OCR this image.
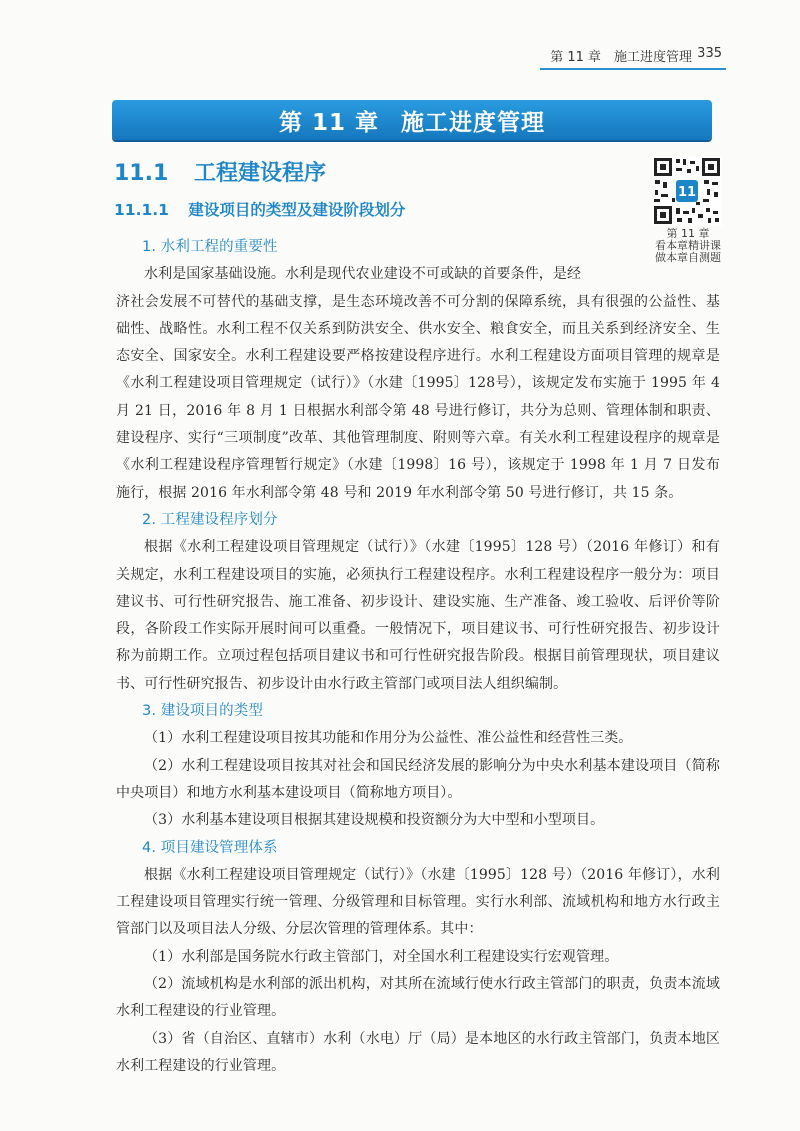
第 11 章　施工进度管理 335
第 11 章 施工进度管理
11.1 工程建设程序
11.1.1 建设项目的类型及建设阶段划分
11
第 11 章
看本章精讲课
做本章自测题
1. 水利工程的重要性
水利是国家基础设施。水利是现代农业建设不可或缺的首要条件，是经
济社会发展不可替代的基础支撑，是生态环境改善不可分割的保障系统，具有很强的公益性、基础性、战略性。水利工程不仅关系到防洪安全、供水安全、粮食安全，而且关系到经济安全、生态安全、国家安全。水利工程建设要严格按建设程序进行。水利工程建设方面项目管理的规章是《水利工程建设项目管理规定（试行）》（水建〔1995〕128号），该规定发布实施于 1995 年 4 月 21 日，2016 年 8 月 1 日根据水利部令第 48 号进行修订，共分为总则、管理体制和职责、建设程序、实行“三项制度”改革、其他管理制度、附则等六章。有关水利工程建设程序的规章是《水利工程建设程序管理暂行规定》（水建〔1998〕16 号），该规定于 1998 年 1 月 7 日发布施行，根据 2016 年水利部令第 48 号和 2019 年水利部令第 50 号进行修订，共 15 条。
2. 工程建设程序划分
根据《水利工程建设项目管理规定（试行）》（水建〔1995〕128 号）（2016 年修订）和有关规定，水利工程建设项目的实施，必须执行工程建设程序。水利工程建设程序一般分为：项目建议书、可行性研究报告、施工准备、初步设计、建设实施、生产准备、竣工验收、后评价等阶段，各阶段工作实际开展时间可以重叠。一般情况下，项目建议书、可行性研究报告、初步设计称为前期工作。立项过程包括项目建议书和可行性研究报告阶段。根据目前管理现状，项目建议书、可行性研究报告、初步设计由水行政主管部门或项目法人组织编制。
3. 建设项目的类型
（1）水利工程建设项目按其功能和作用分为公益性、准公益性和经营性三类。
（2）水利工程建设项目按其对社会和国民经济发展的影响分为中央水利基本建设项目（简称中央项目）和地方水利基本建设项目（简称地方项目）。
（3）水利基本建设项目根据其建设规模和投资额分为大中型和小型项目。
4. 项目建设管理体系
根据《水利工程建设项目管理规定（试行）》（水建〔1995〕128 号）（2016 年修订），水利工程建设项目管理实行统一管理、分级管理和目标管理。实行水利部、流域机构和地方水行政主管部门以及项目法人分级、分层次管理的管理体系。其中：
（1）水利部是国务院水行政主管部门，对全国水利工程建设实行宏观管理。
（2）流域机构是水利部的派出机构，对其所在流域行使水行政主管部门的职责，负责本流域水利工程建设的行业管理。
（3）省（自治区、直辖市）水利（水电）厅（局）是本地区的水行政主管部门，负责本地区水利工程建设的行业管理。
